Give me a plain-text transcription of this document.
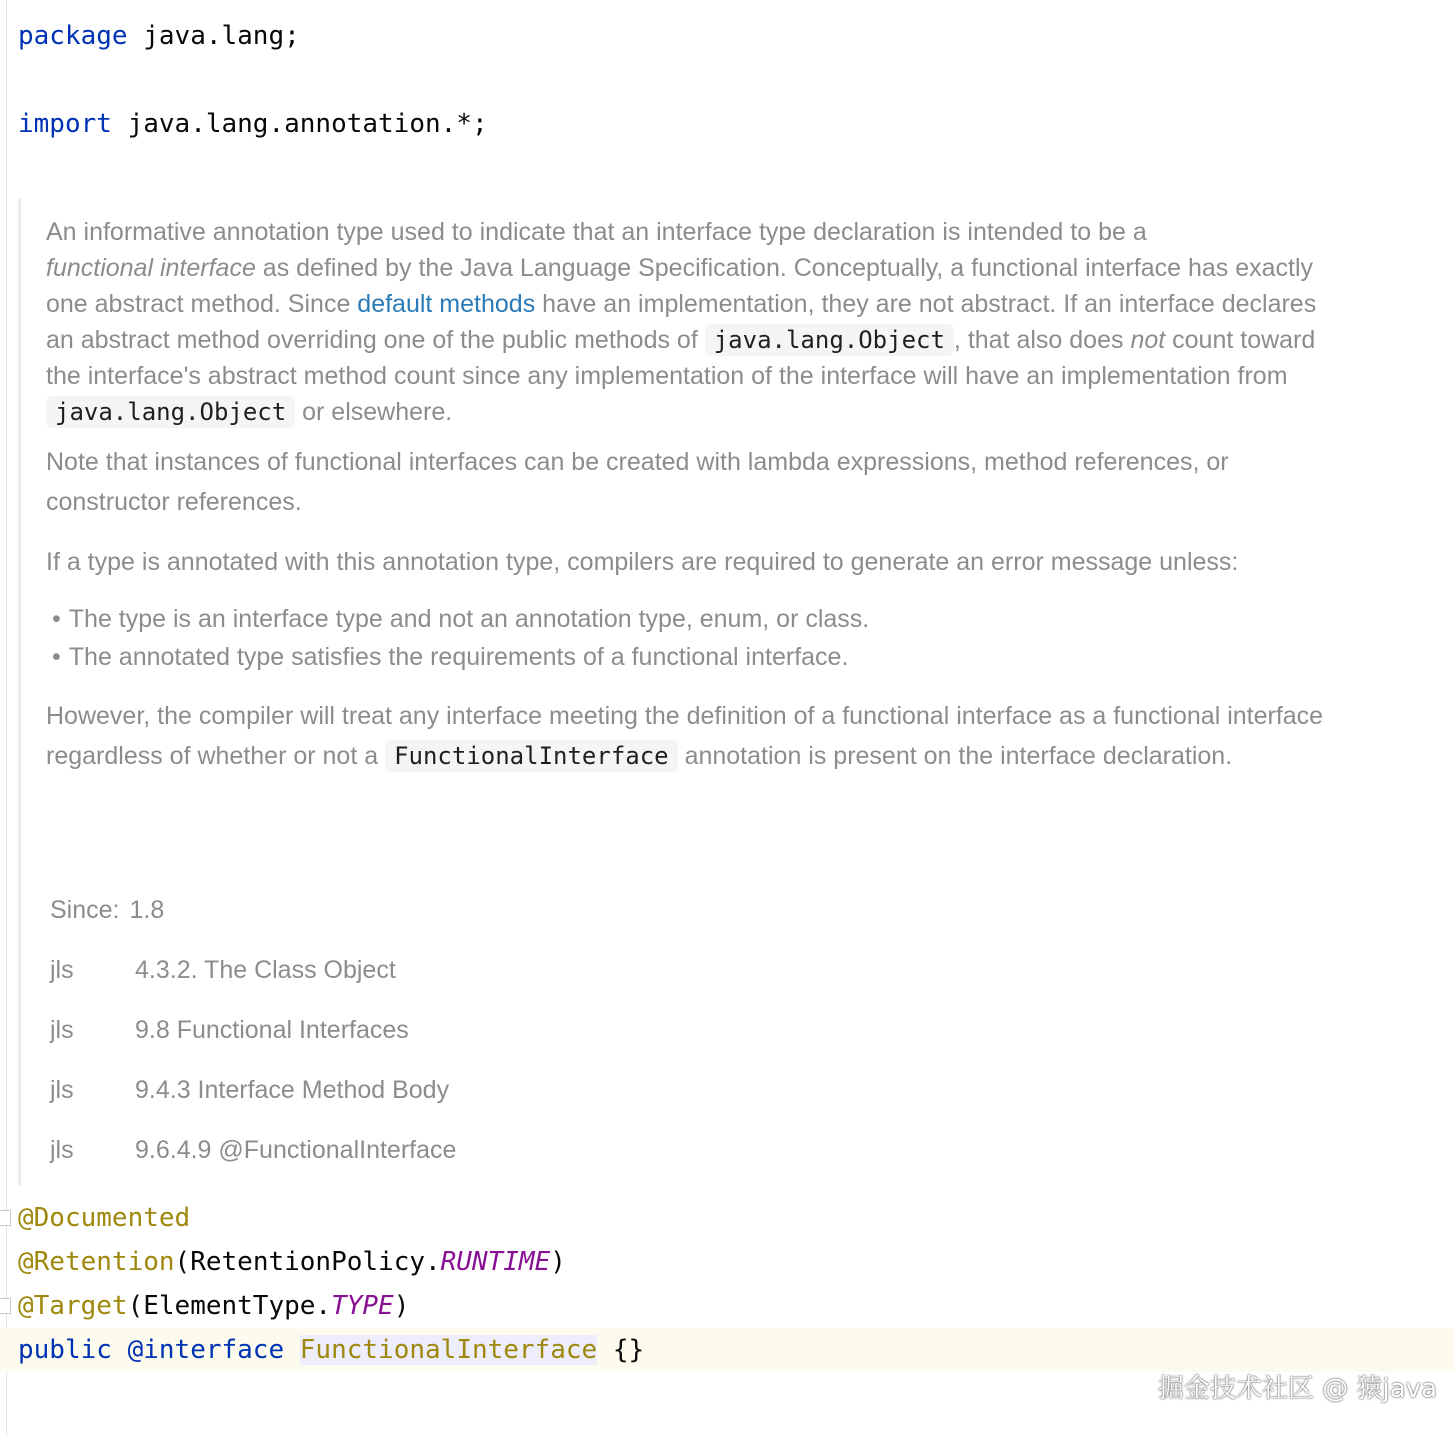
package java.lang;
import java.lang.annotation.*;

An informative annotation type used to indicate that an interface type declaration is intended to be a
functional interface as defined by the Java Language Specification. Conceptually, a functional interface has exactly one abstract method. Since default methods have an implementation, they are not abstract. If an interface declares an abstract method overriding one of the public methods of java.lang.Object , that also does not count toward the interface's abstract method count since any implementation of the interface will have an implementation from java.lang.Object or elsewhere.

Note that instances of functional interfaces can be created with lambda expressions, method references, or constructor references.

If a type is annotated with this annotation type, compilers are required to generate an error message unless:

• The type is an interface type and not an annotation type, enum, or class.
• The annotated type satisfies the requirements of a functional interface.

However, the compiler will treat any interface meeting the definition of a functional interface as a functional interface regardless of whether or not a FunctionalInterface annotation is present on the interface declaration.

Since: 1.8
jls 4.3.2. The Class Object
jls 9.8 Functional Interfaces
jls 9.4.3 Interface Method Body
jls 9.6.4.9 @FunctionalInterface
@Documented
@Retention(RetentionPolicy.RUNTIME)
@Target(ElementType.TYPE)
public @interface FunctionalInterface {}
掘金技术社区 @ 猿java
